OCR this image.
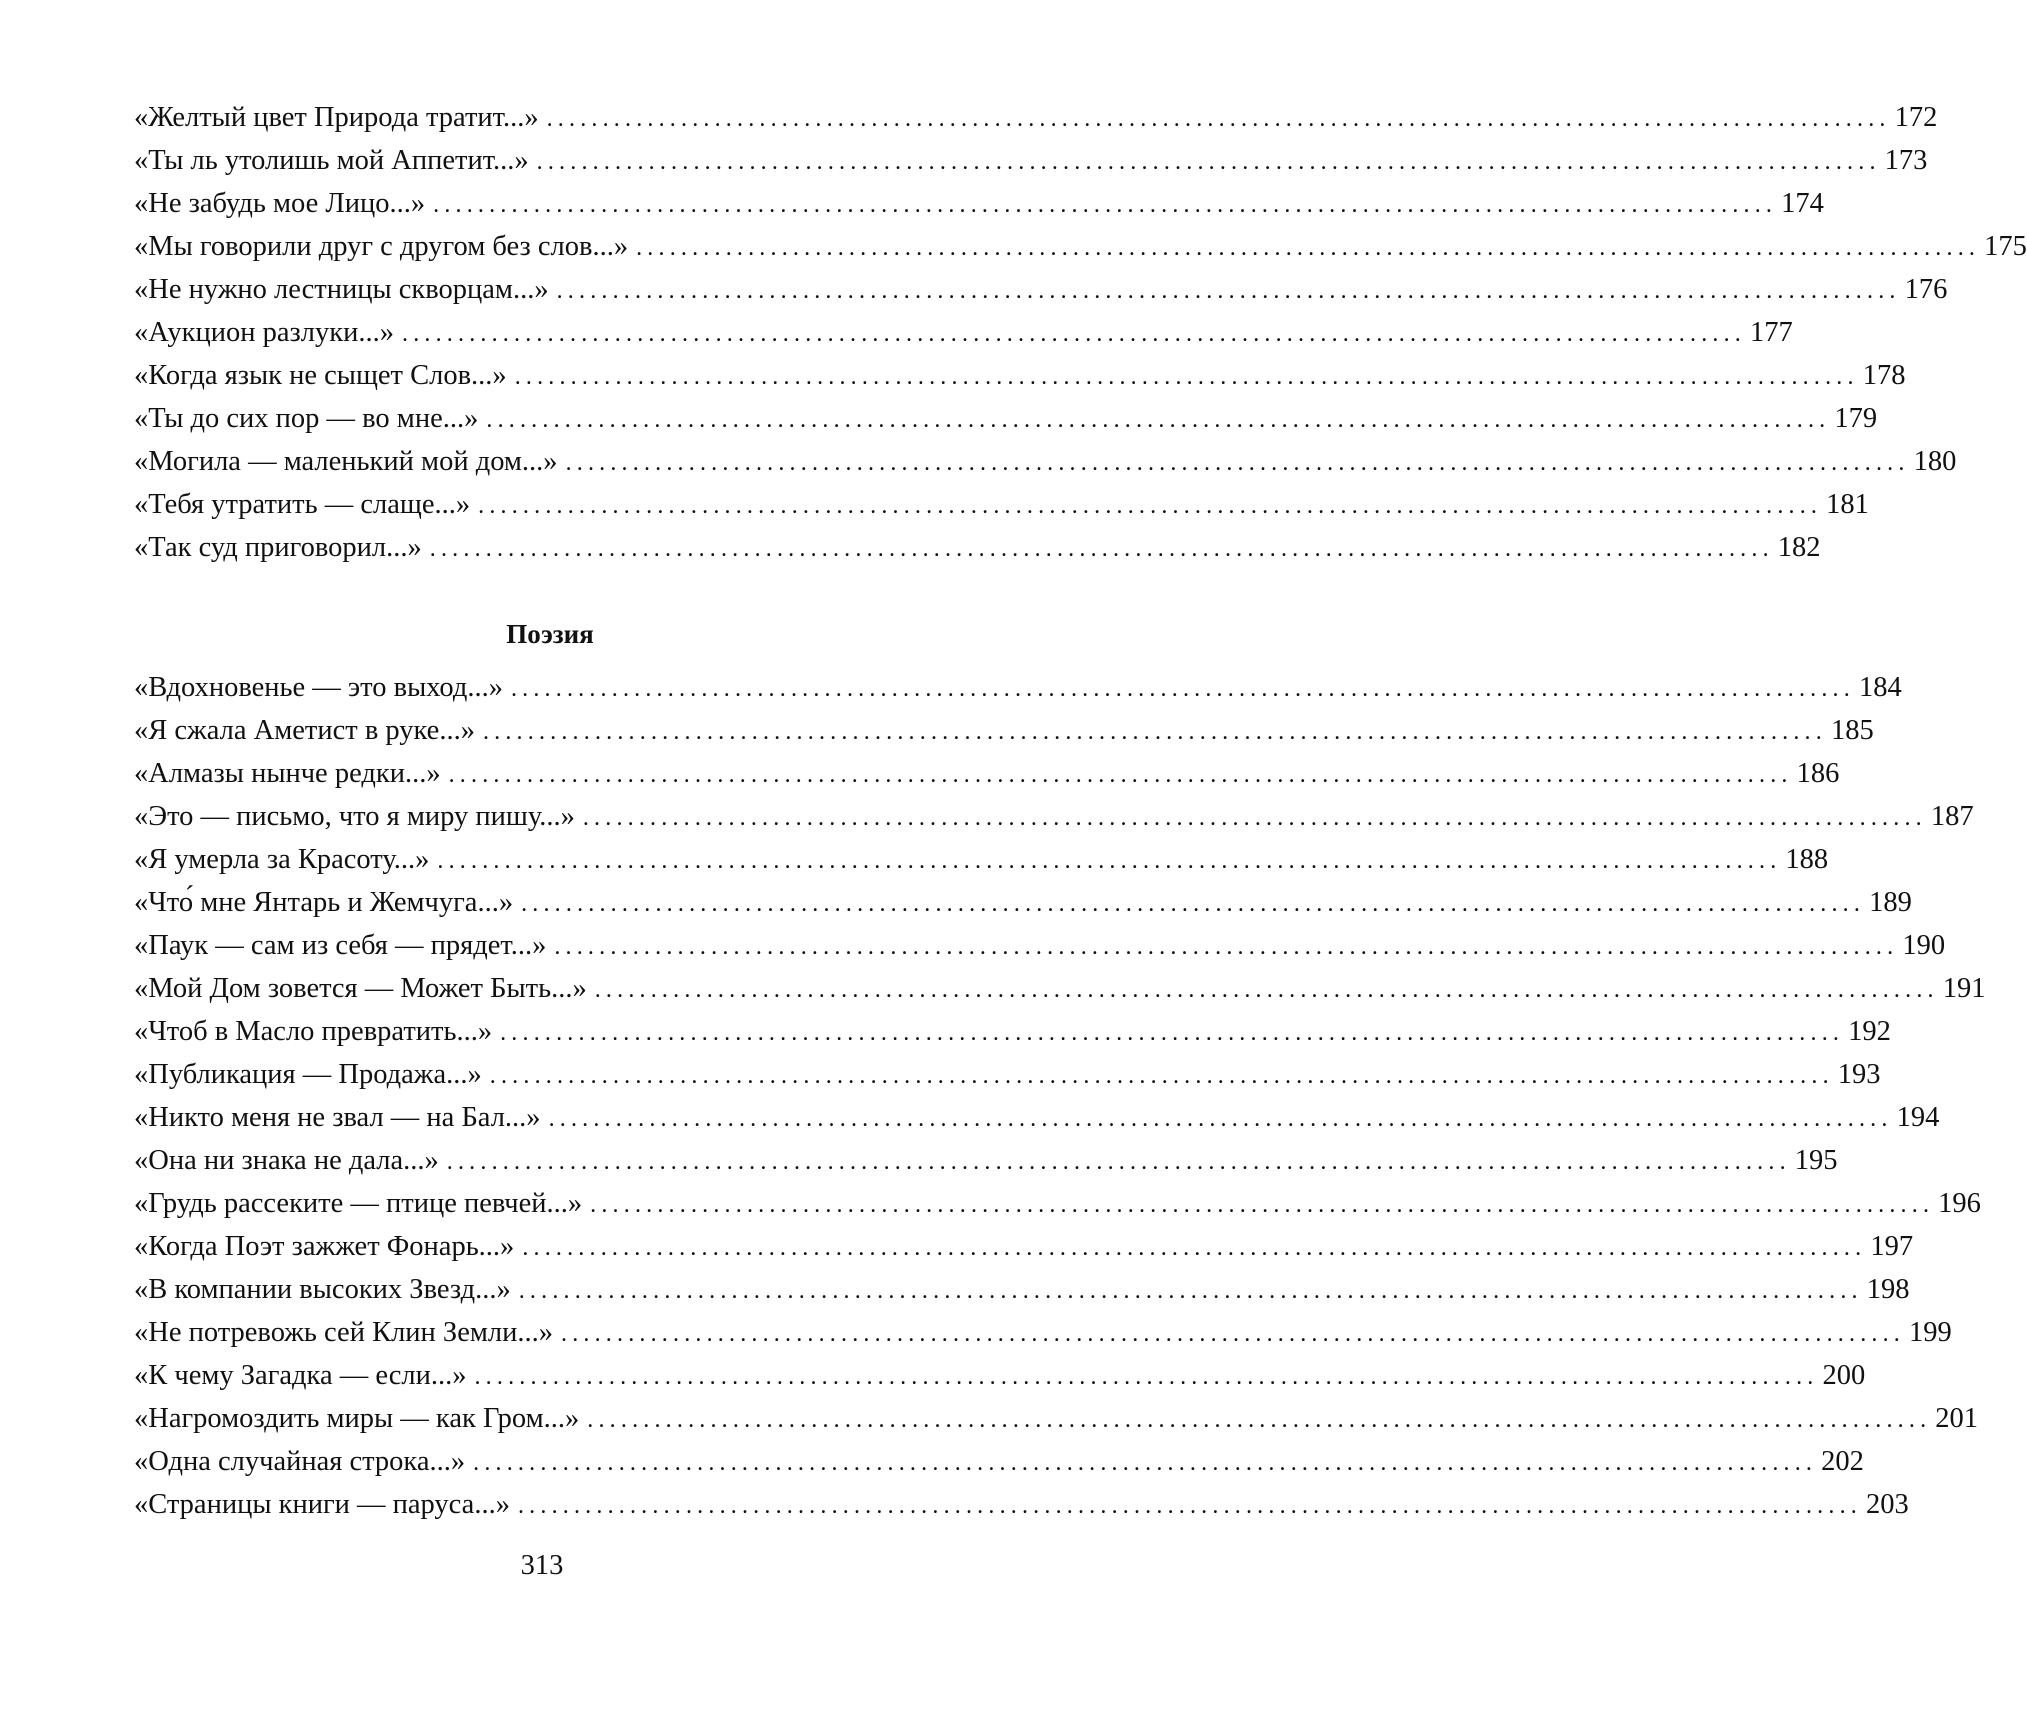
«Желтый цвет Природа тратит...» ........................................................................................................................ 172
«Ты ль утолишь мой Аппетит...» ........................................................................................................................ 173
«Не забудь мое Лицо...» ........................................................................................................................ 174
«Мы говорили друг с другом без слов...» ........................................................................................................................ 175
«Не нужно лестницы скворцам...» ........................................................................................................................ 176
«Аукцион разлуки...» ........................................................................................................................ 177
«Когда язык не сыщет Слов...» ........................................................................................................................ 178
«Ты до сих пор — во мне...» ........................................................................................................................ 179
«Могила — маленький мой дом...» ........................................................................................................................ 180
«Тебя утратить — слаще...» ........................................................................................................................ 181
«Так суд приговорил...» ........................................................................................................................ 182
Поэзия
«Вдохновенье — это выход...» ........................................................................................................................ 184
«Я сжала Аметист в руке...» ........................................................................................................................ 185
«Алмазы нынче редки...» ........................................................................................................................ 186
«Это — письмо, что я миру пишу...» ........................................................................................................................ 187
«Я умерла за Красоту...» ........................................................................................................................ 188
«Что́ мне Янтарь и Жемчуга...» ........................................................................................................................ 189
«Паук — сам из себя — прядет...» ........................................................................................................................ 190
«Мой Дом зовется — Может Быть...» ........................................................................................................................ 191
«Чтоб в Масло превратить...» ........................................................................................................................ 192
«Публикация — Продажа...» ........................................................................................................................ 193
«Никто меня не звал — на Бал...» ........................................................................................................................ 194
«Она ни знака не дала...» ........................................................................................................................ 195
«Грудь рассеките — птице певчей...» ........................................................................................................................ 196
«Когда Поэт зажжет Фонарь...» ........................................................................................................................ 197
«В компании высоких Звезд...» ........................................................................................................................ 198
«Не потревожь сей Клин Земли...» ........................................................................................................................ 199
«К чему Загадка — если...» ........................................................................................................................ 200
«Нагромоздить миры — как Гром...» ........................................................................................................................ 201
«Одна случайная строка...» ........................................................................................................................ 202
«Страницы книги — паруса...» ........................................................................................................................ 203
313
